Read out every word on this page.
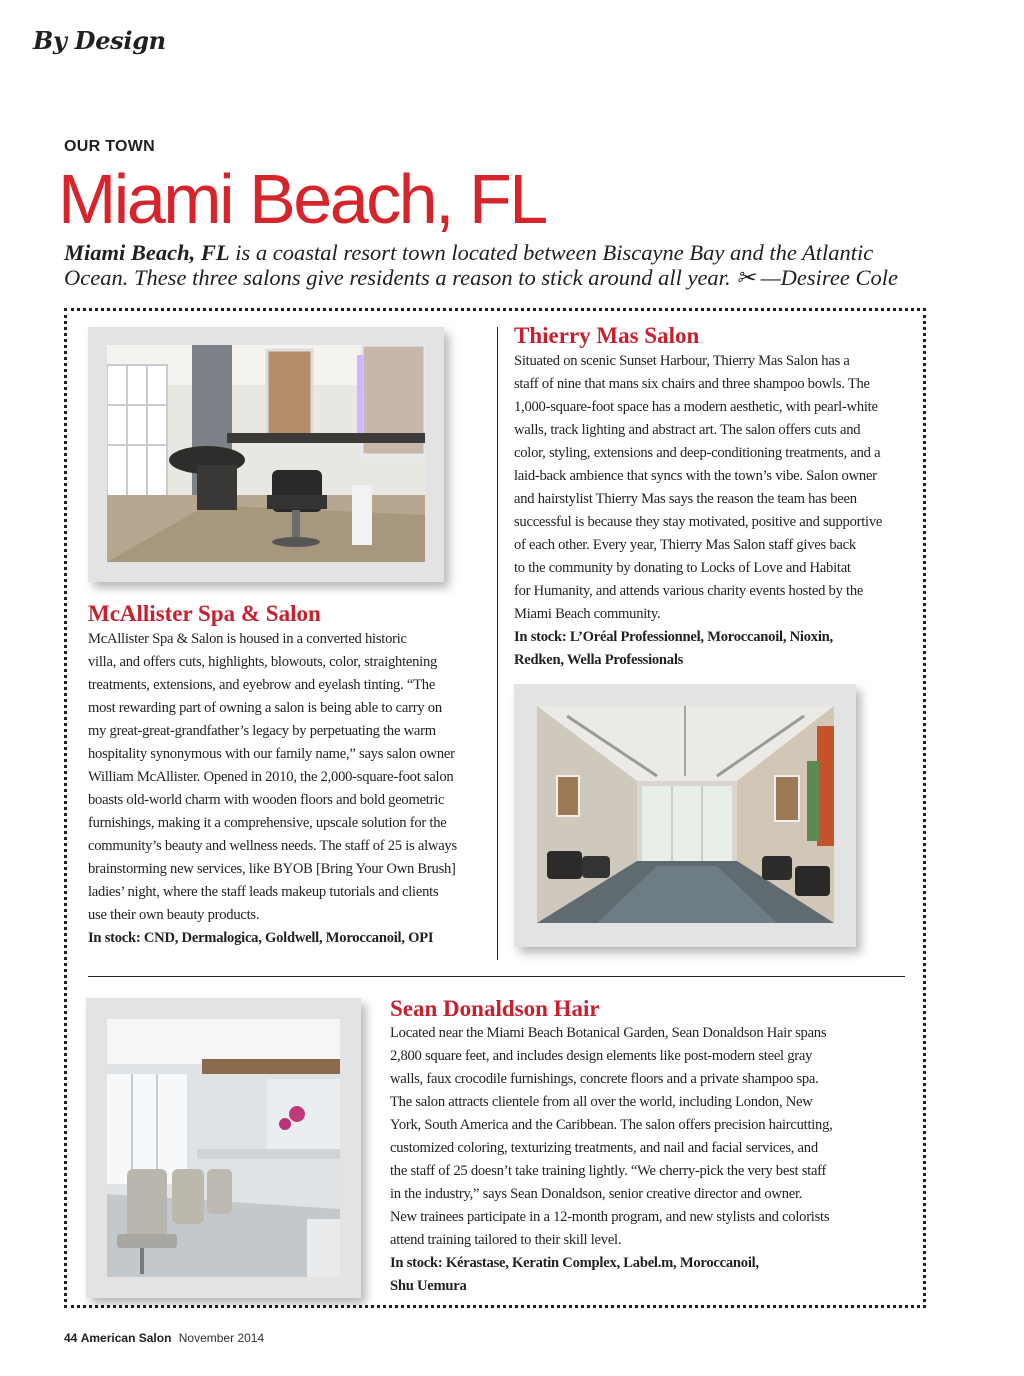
By Design
OUR TOWN
Miami Beach, FL

Miami Beach, FL is a coastal resort town located between Biscayne Bay and the Atlantic
Ocean. These three salons give residents a reason to stick around all year. ✂ —Desiree Cole

McAllister Spa & Salon

McAllister Spa & Salon is housed in a converted historic

villa, and offers cuts, highlights, blowouts, color, straightening

treatments, extensions, and eyebrow and eyelash tinting. “The

most rewarding part of owning a salon is being able to carry on

my great-great-grandfather’s legacy by perpetuating the warm

hospitality synonymous with our family name,” says salon owner

William McAllister. Opened in 2010, the 2,000-square-foot salon

boasts old-world charm with wooden floors and bold geometric

furnishings, making it a comprehensive, upscale solution for the

community’s beauty and wellness needs. The staff of 25 is always

brainstorming new services, like BYOB [Bring Your Own Brush]

ladies’ night, where the staff leads makeup tutorials and clients

use their own beauty products.

In stock: CND, Dermalogica, Goldwell, Moroccanoil, OPI

Thierry Mas Salon

Situated on scenic Sunset Harbour, Thierry Mas Salon has a

staff of nine that mans six chairs and three shampoo bowls. The

1,000-square-foot space has a modern aesthetic, with pearl-white

walls, track lighting and abstract art. The salon offers cuts and

color, styling, extensions and deep-conditioning treatments, and a

laid-back ambience that syncs with the town’s vibe. Salon owner

and hairstylist Thierry Mas says the reason the team has been

successful is because they stay motivated, positive and supportive

of each other. Every year, Thierry Mas Salon staff gives back

to the community by donating to Locks of Love and Habitat

for Humanity, and attends various charity events hosted by the

Miami Beach community.

In stock: L’Oréal Professionnel, Moroccanoil, Nioxin,

Redken, Wella Professionals

Sean Donaldson Hair

Located near the Miami Beach Botanical Garden, Sean Donaldson Hair spans

2,800 square feet, and includes design elements like post-modern steel gray

walls, faux crocodile furnishings, concrete floors and a private shampoo spa.

The salon attracts clientele from all over the world, including London, New

York, South America and the Caribbean. The salon offers precision haircutting,

customized coloring, texturizing treatments, and nail and facial services, and

the staff of 25 doesn’t take training lightly. “We cherry-pick the very best staff

in the industry,” says Sean Donaldson, senior creative director and owner.

New trainees participate in a 12-month program, and new stylists and colorists

attend training tailored to their skill level.

In stock: Kérastase, Keratin Complex, Label.m, Moroccanoil,

Shu Uemura

44 American Salon November 2014
